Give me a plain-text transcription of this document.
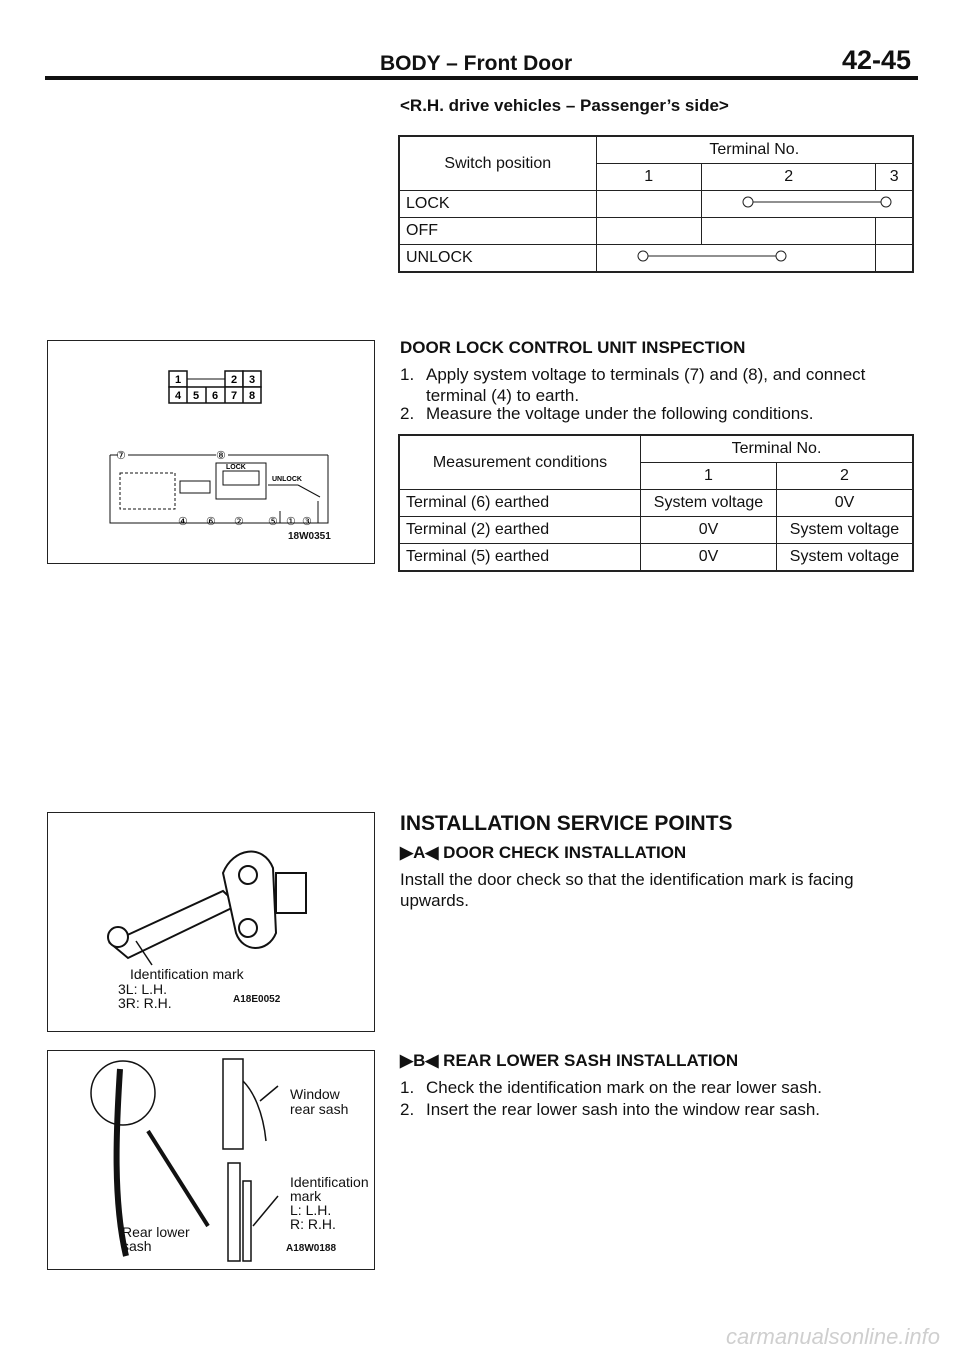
BODY – Front Door	42-45
<R.H. drive vehicles – Passenger’s side>
Switch position	Terminal No.		
	1	2	3
LOCK		
OFF			
UNLOCK		
1	2 3
4 5 6 7 8
⑦	⑧
④ ⑥ ② ⑤ ① ③
LOCK
UNLOCK
18W0351
DOOR LOCK CONTROL UNIT INSPECTION
1. Apply system voltage to terminals (7) and (8), and connect terminal (4) to earth.
2. Measure the voltage under the following conditions.
Measurement conditions	Terminal No.	
	1	2
Terminal (6) earthed	System voltage	0V
Terminal (2) earthed	0V	System voltage
Terminal (5) earthed	0V	System voltage
Identification mark
3L: L.H.
3R: R.H.	A18E0052
INSTALLATION SERVICE POINTS
▶A◀ DOOR CHECK INSTALLATION
Install the door check so that the identification mark is facing upwards.
Window
rear sash
Identification
mark
L: L.H.
R: R.H.
Rear lower
sash	A18W0188
▶B◀ REAR LOWER SASH INSTALLATION
1. Check the identification mark on the rear lower sash.
2. Insert the rear lower sash into the window rear sash.
carmanualsonline.info
